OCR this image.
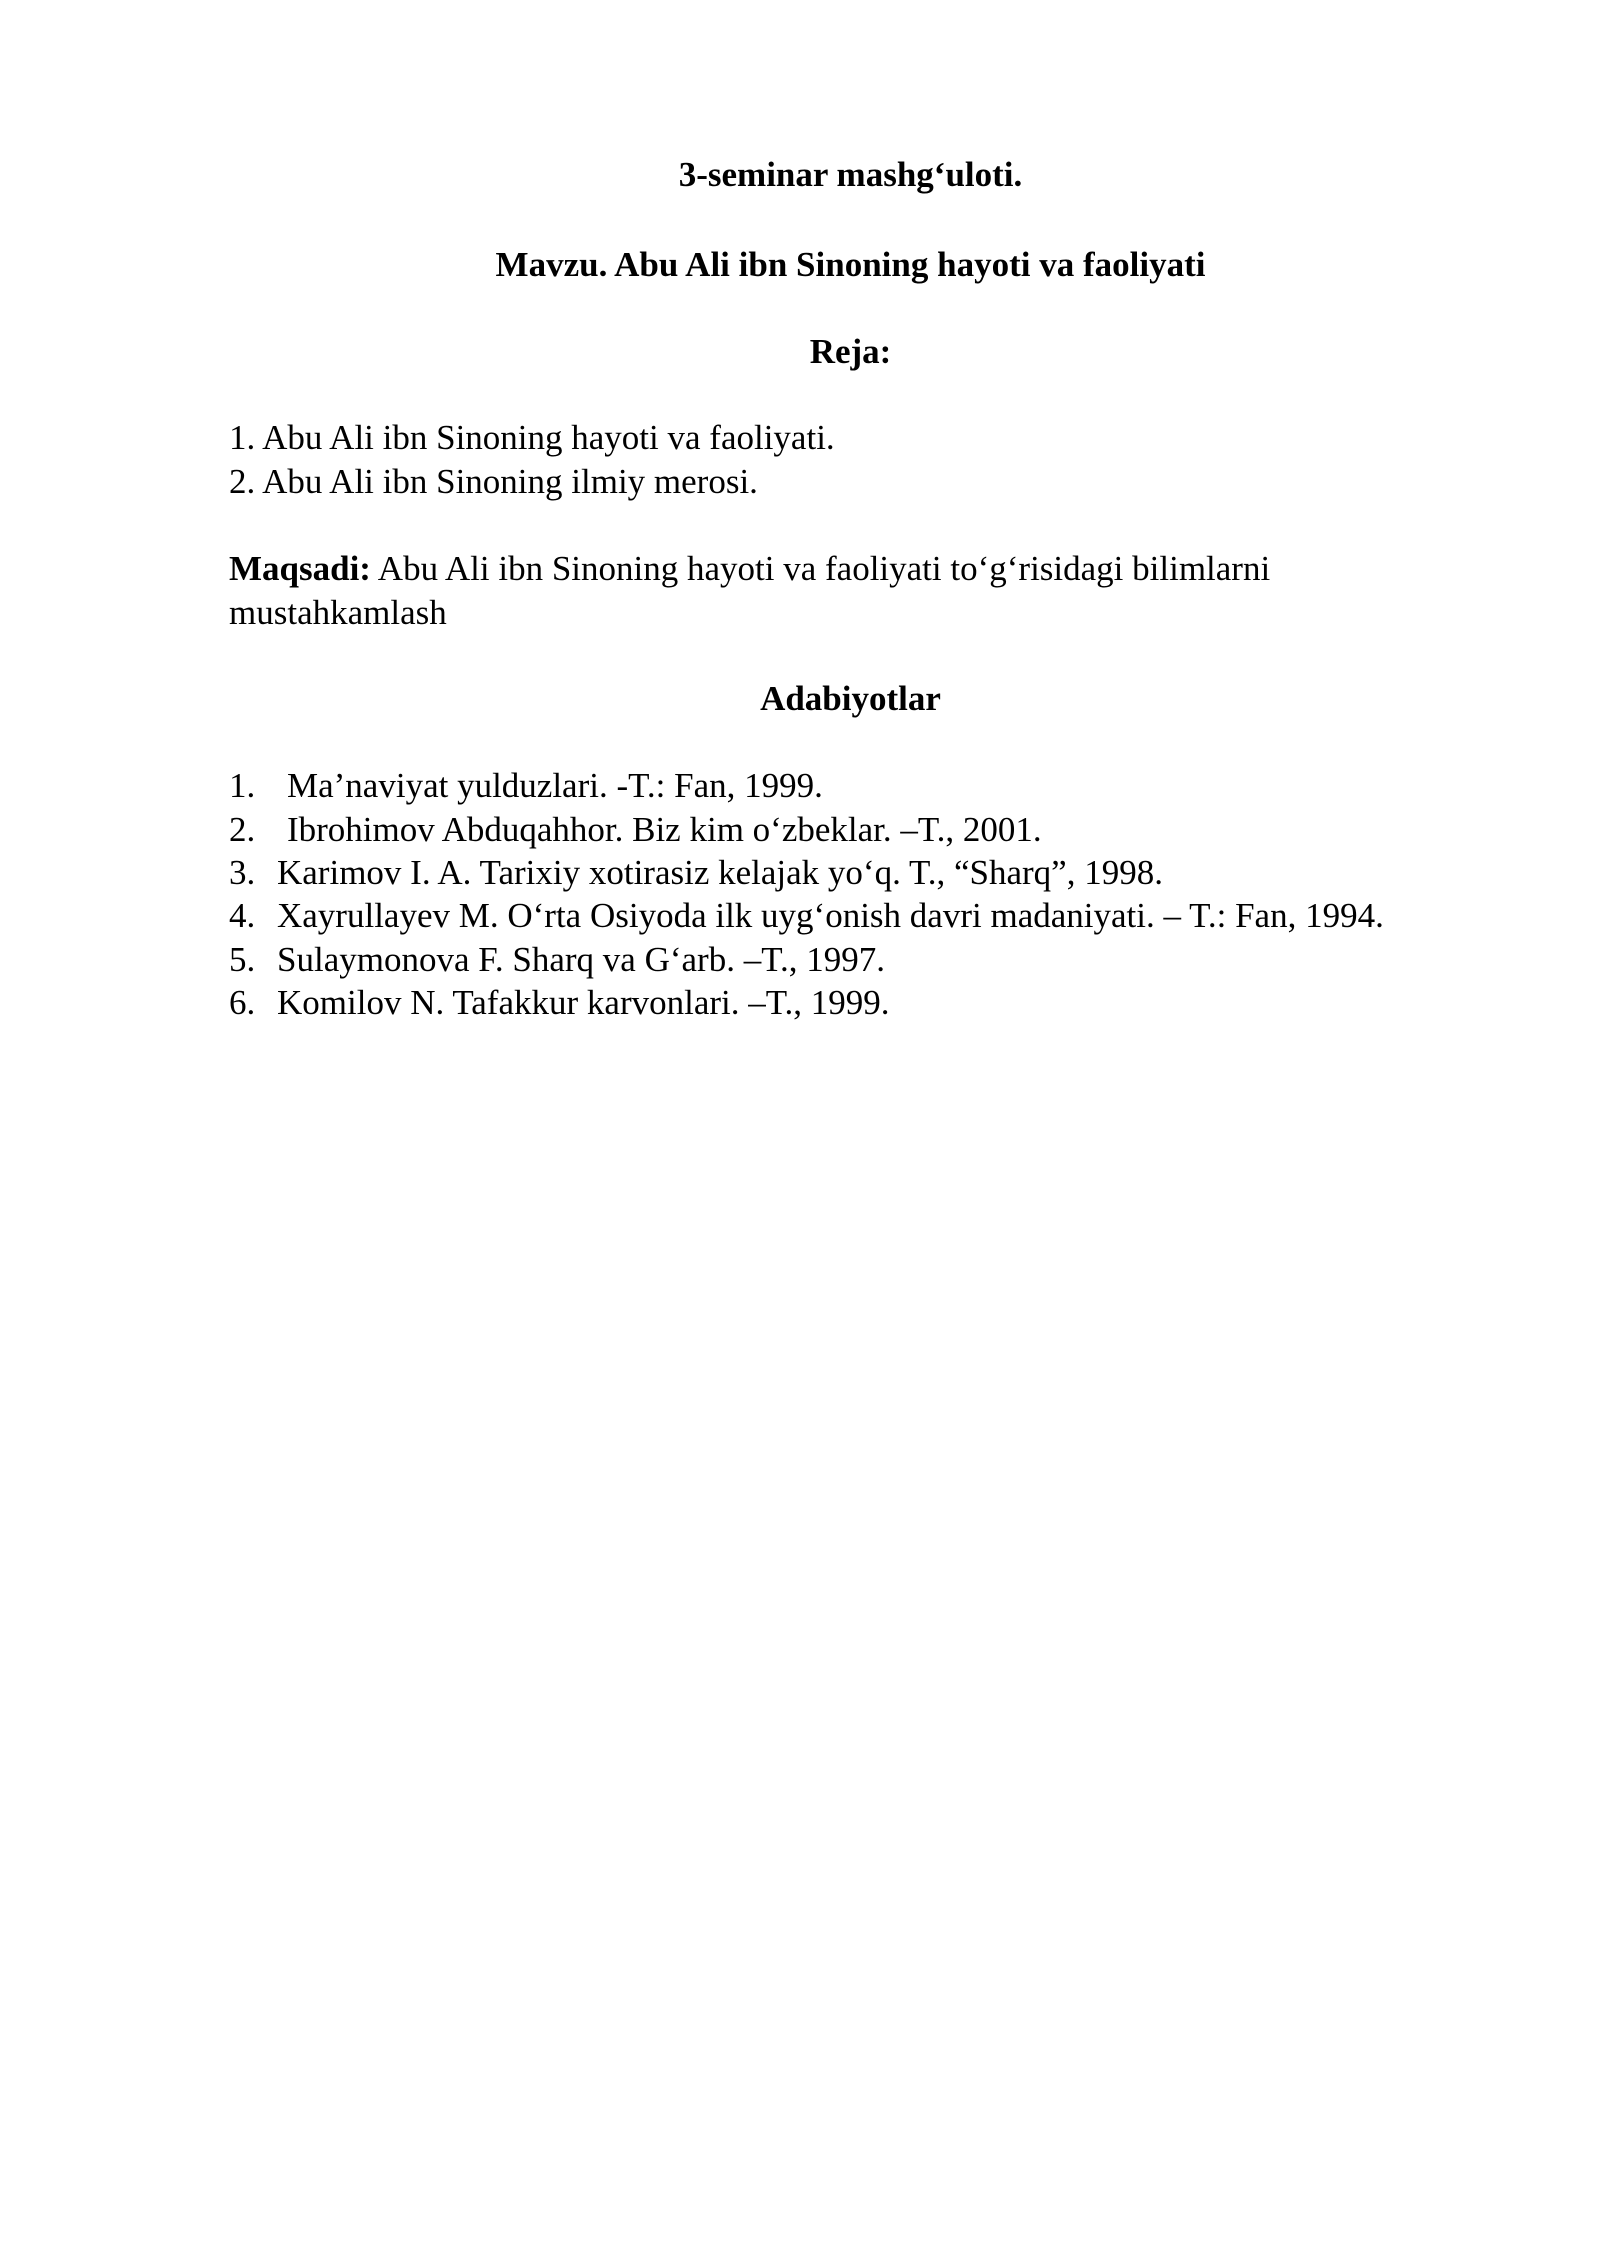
3-seminar mashg‘uloti.
Mavzu. Abu Ali ibn Sinoning hayoti va faoliyati
Reja:
1. Abu Ali ibn Sinoning hayoti va faoliyati.
2. Abu Ali ibn Sinoning ilmiy merosi.
Maqsadi: Abu Ali ibn Sinoning hayoti va faoliyati to‘g‘risidagi bilimlarni
mustahkamlash
Adabiyotlar
1. Ma’naviyat yulduzlari. -T.: Fan, 1999.
2. Ibrohimov Abduqahhor. Biz kim o‘zbeklar. –T., 2001.
3. Karimov I. A. Tarixiy xotirasiz kelajak yo‘q. T., “Sharq”, 1998.
4. Xayrullayev M. O‘rta Osiyoda ilk uyg‘onish davri madaniyati. – T.: Fan, 1994.
5. Sulaymonova F. Sharq va G‘arb. –T., 1997.
6. Komilov N. Tafakkur karvonlari. –T., 1999.
